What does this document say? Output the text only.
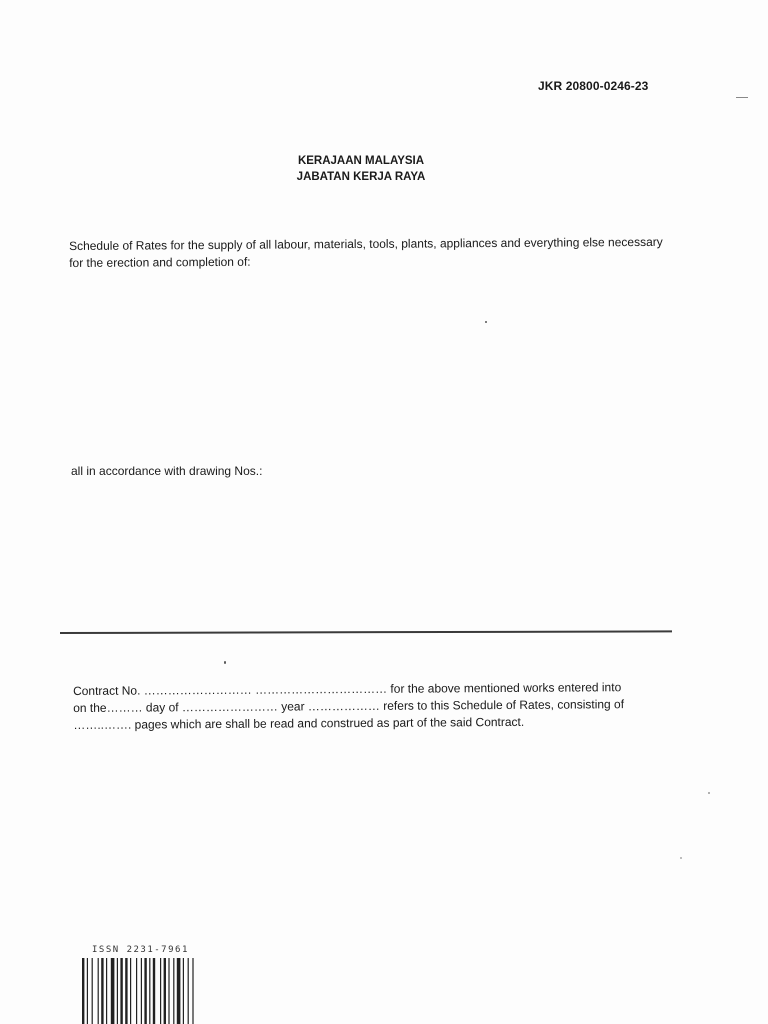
JKR 20800-0246-23
KERAJAAN MALAYSIA
JABATAN KERJA RAYA
Schedule of Rates for the supply of all labour, materials, tools, plants, appliances and everything else necessary for the erection and completion of:
all in accordance with drawing Nos.:
Contract No. ……………………… …………………………… for the above mentioned works entered into
on the……… day of …………………… year ……………… refers to this Schedule of Rates, consisting of
……..……. pages which are shall be read and construed as part of the said Contract.
ISSN 2231-7961
